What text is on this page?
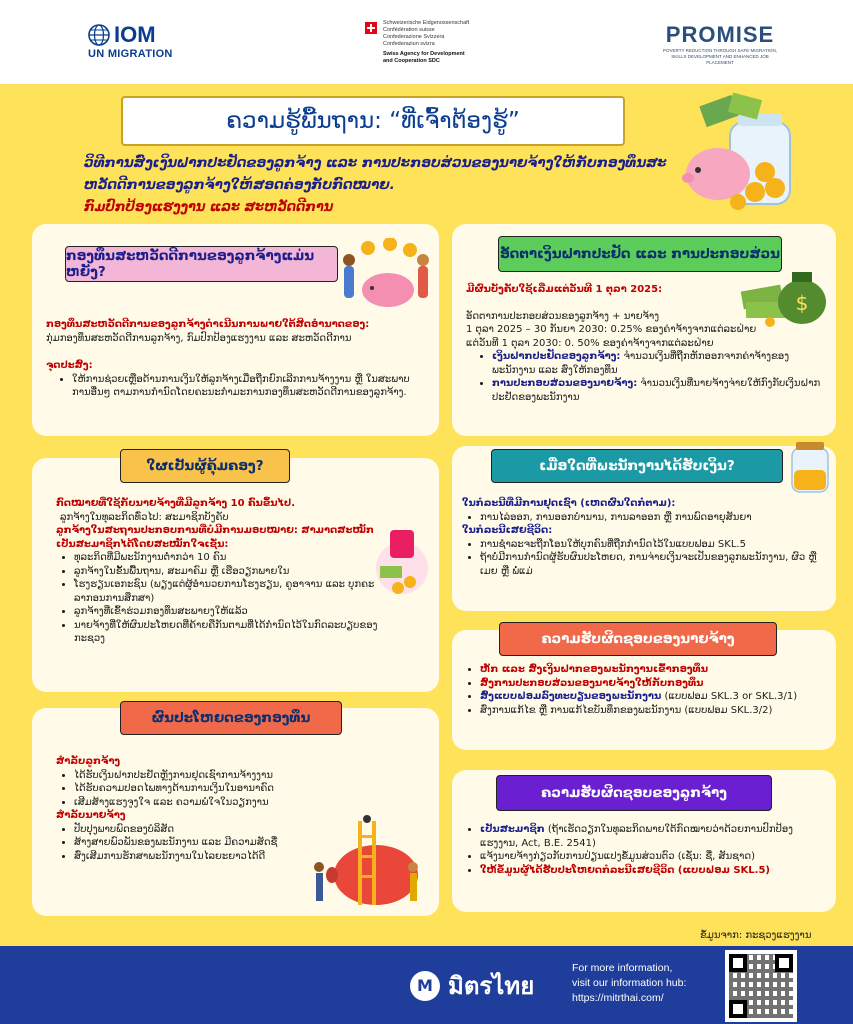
IOM
UN MIGRATION
Schweizerische Eidgenossenschaft
Confédération suisse
Confederazione Svizzera
Confederaziun svizra
Swiss Agency for Development
and Cooperation SDC
PROMISE
POVERTY REDUCTION THROUGH SAFE MIGRATION,
SKILLS DEVELOPMENT AND ENHANCED JOB PLACEMENT
ຄວາມຮູ້ພື້ນຖານ: “ທີ່ເຈົ້າຕ້ອງຮູ້”
ວິທີການສົ່ງເງິນຝາກປະຢັດຂອງລູກຈ້າງ ແລະ ການປະກອບສ່ວນຂອງນາຍຈ້າງໃຫ້ກັບກອງທຶນສະຫວັດດີການຂອງລູກຈ້າງໃຫ້ສອດຄ່ອງກັບກົດໝາຍ.
ກົມປົກປ້ອງແຮງງານ ແລະ ສະຫວັດດີການ
ກອງທຶນສະຫວັດດີການຂອງລູກຈ້າງແມ່ນຫຍັງ?
ກອງທຶນສະຫວັດດີການຂອງລູກຈ້າງດຳເນີນການພາຍໃຕ້ສິດອຳນາດຂອງ:
ກຸ່ມກອງທຶນສະຫວັດດີການລູກຈ້າງ, ກົມປົກປ້ອງແຮງງານ ແລະ ສະຫວັດດີການ
ຈຸດປະສົງ:
• ໃຫ້ການຊ່ວຍເຫຼືອດ້ານການເງິນໃຫ້ລູກຈ້າງເມື່ອຖືກຍົກເລີກການຈ້າງງານ ຫຼື ໃນສະພາບການອື່ນໆ ຕາມການກຳນົດໂດຍຄະນະກຳມະການກອງທຶນສະຫວັດດີການຂອງລູກຈ້າງ.
ອັດຕາເງິນຝາກປະຢັດ ແລະ ການປະກອບສ່ວນ
$
ມີຜົນບັງຄັບໃຊ້ເລີ່ມແຕ່ວັນທີ 1 ຕຸລາ 2025:
ອັດຕາການປະກອບສ່ວນຂອງລູກຈ້າງ + ນາຍຈ້າງ
1 ຕຸລາ 2025 – 30 ກັນຍາ 2030: 0.25% ຂອງຄ່າຈ້າງຈາກແຕ່ລະຝ່າຍ
ແຕ່ວັນທີ 1 ຕຸລາ 2030: 0. 50% ຂອງຄ່າຈ້າງຈາກແຕ່ລະຝ່າຍ
• ເງິນຝາກປະຢັດຂອງລູກຈ້າງ: ຈຳນວນເງິນທີ່ຖືກຫັກອອກຈາກຄ່າຈ້າງຂອງພະນັກງານ ແລະ ສົ່ງໃຫ້ກອງທຶນ
• ການປະກອບສ່ວນຂອງນາຍຈ້າງ: ຈຳນວນເງິນທີ່ນາຍຈ້າງຈ່າຍໃຫ້ກົງກັບເງິນຝາກປະຢັດຂອງພະນັກງານ
ໃຜເປັນຜູ້ຄຸ້ມຄອງ?
ກົດໝາຍທີ່ໃຊ້ກັບນາຍຈ້າງທີ່ມີລູກຈ້າງ 10 ຄົນຂຶ້ນໄປ.
ລູກຈ້າງໃນທຸລະກິດທົ່ວໄປ: ສະມາຊິກບັງຄັບ
ລູກຈ້າງໃນສະຖານປະກອບການທີ່ບໍ່ມີການມອບໝາຍ: ສາມາດສະໝັກເປັນສະມາຊິກໄດ້ໂດຍສະໝັກໃຈເຊັ່ນ:
• ທຸລະກິດທີ່ມີພະນັກງານຕ່ຳກວ່າ 10 ຄົນ
• ລູກຈ້າງໃນຂັ້ນພື້ນຖານ, ສະມາຄົມ ຫຼື ເຮືອວຽກພາຍໃນ
• ໂຮງຮຽນເອກະຊົນ (ພຽງແຕ່ຜູ້ອຳນວຍການໂຮງຮຽນ, ຄູອາຈານ ແລະ ບຸກຄະລາກອນການສຶກສາ)
• ລູກຈ້າງທີ່ເຂົ້າຮ່ວມກອງທຶນສະພາຍງໃຫ້ແລ້ວ
• ນາຍຈ້າງທີ່ໃຫ້ຜົນປະໂຫຍດທີ່ຄ້າຍຄືກັນຕາມທີ່ໄດ້ກຳນົດໄວ້ໃນກົດລະບຽບຂອງກະຊວງ
ເມື່ອໃດທີ່ພະນັກງານໄດ້ຮັບເງິນ?
ໃນກໍລະນີທີ່ມີການຢຸດເຊົາ (ເຫດຜົນໃດກໍ່ຕາມ):
• ການໄລ່ອອກ, ການອອກບໍານານ, ການລາອອກ ຫຼື ການພົດອາຍຸສັນຍາ
ໃນກໍລະນີເສຍຊີວິດ:
• ການຊຳລະຈະຖືກໂອນໃຫ້ບຸກຄົນທີ່ຖືກກຳນົດໄວ້ໃນແບບຟອມ SKL.5
• ຖ້າບໍ່ມີການກຳນົດຜູ້ຮັບຜົນປະໂຫຍດ, ການຈ່າຍເງິນຈະເປັນຂອງລູກພະນັກງານ, ຜົວ ຫຼື ເມຍ ຫຼື ພໍ່ແມ່
ຄວາມຮັບຜິດຊອບຂອງນາຍຈ້າງ
• ຫັກ ແລະ ສົ່ງເງິນຝາກຂອງພະນັກງານເຂົ້າກອງທຶນ
• ສົ່ງການປະກອບສ່ວນຂອງນາຍຈ້າງໃຫ້ກັບກອງທຶນ
• ສົ່ງແບບຟອມລົງທະບຽນຂອງພະນັກງານ (ແບບຟອມ SKL.3 or SKL.3/1)
• ສົ່ງການແກ້ໄຂ ຫຼື ການແກ້ໄຂບັນທຶກຂອງພະນັກງານ (ແບບຟອມ SKL.3/2)
ຜົນປະໂຫຍດຂອງກອງທຶນ
ສຳລັບລູກຈ້າງ
• ໄດ້ຮັບເງິນຝາກປະຢັດຫຼັງການຢຸດເຊົາການຈ້າງງານ
• ໄດ້ຮັບຄວາມປອດໄພທາງດ້ານການເງິນໃນອານາຄົດ
• ເສີມສ້າງແຮງຈູງໃຈ ແລະ ຄວາມພໍໃຈໃນວຽກງານ
ສຳລັບນາຍຈ້າງ
• ປັບປຸງພາບພົດຂອງບໍລິສັດ
• ສ້າງສາຍພົວພັນຂອງພະນັກງານ ແລະ ມີຄວາມສັດຊື່
• ສົ່ງເສີມການຮັກສາພະນັກງານໃນໄລຍະຍາວໄດ້ດີ
ຄວາມຮັບຜິດຊອບຂອງລູກຈ້າງ
• ເປັນສະມາຊິກ (ຖ້າເຮັດວຽກໃນທຸລະກິດພາຍໃຕ້ກົດໝາຍວ່າດ້ວຍການປົກປ້ອງແຮງງານ, Act, B.E. 2541)
• ແຈ້ງນາຍຈ້າງກ່ຽວກັບການປ່ຽນແປງຂໍ້ມູນສ່ວນຕົວ (ເຊັ່ນ: ຊື່, ສັນຊາດ)
• ໃຫ້ຂໍ້ມູນຜູ້ໄດ້ຮັບປະໂຫຍດກໍລະນີເສຍຊີວິດ (ແບບຟອມ SKL.5)
ຂໍ້ມູນຈາກ: ກະຊວງແຮງງານ
M มิตรไทย
For more information,
visit our information hub:
https://mitrthai.com/
